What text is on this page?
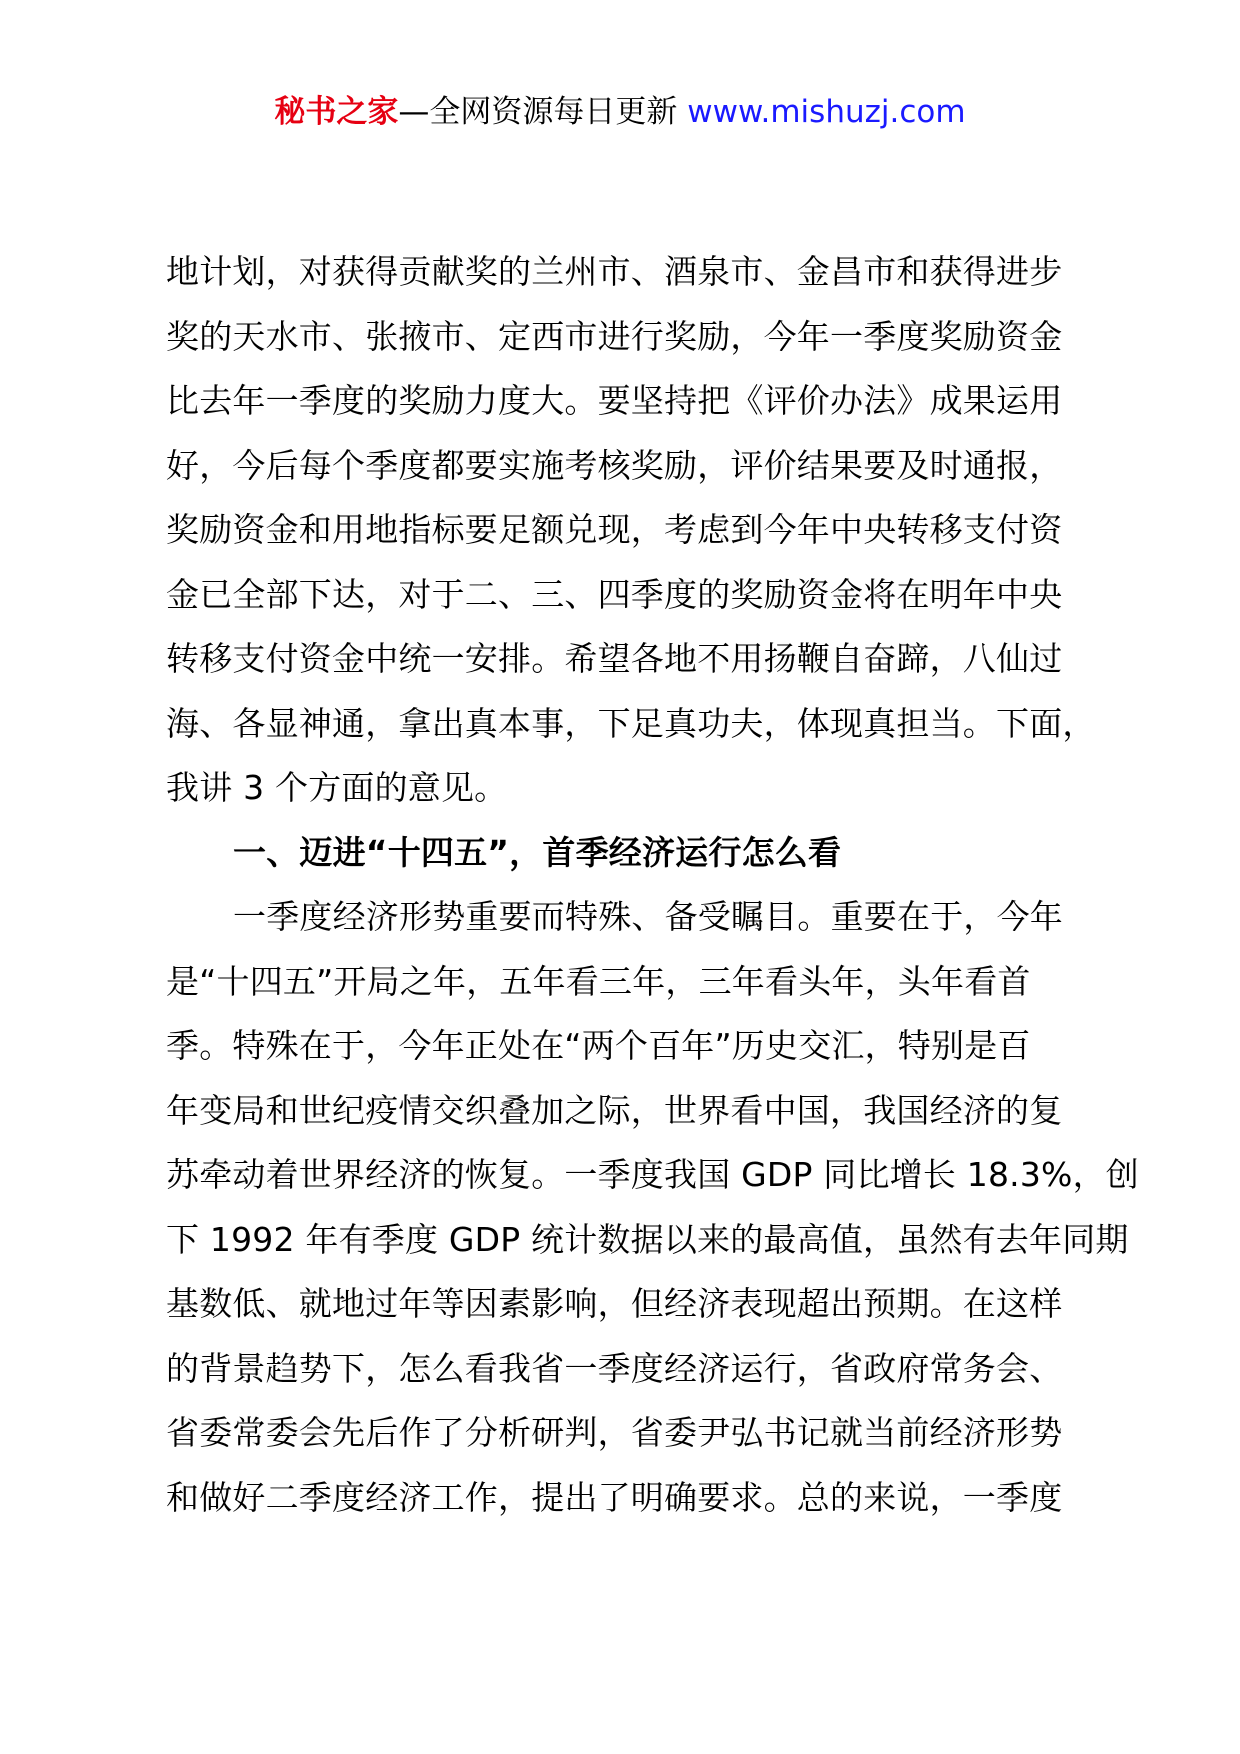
秘书之家—全网资源每日更新 www.mishuzj.com
地计划，对获得贡献奖的兰州市、酒泉市、金昌市和获得进步
奖的天水市、张掖市、定西市进行奖励，今年一季度奖励资金
比去年一季度的奖励力度大。要坚持把《评价办法》成果运用
好，今后每个季度都要实施考核奖励，评价结果要及时通报，
奖励资金和用地指标要足额兑现，考虑到今年中央转移支付资
金已全部下达，对于二、三、四季度的奖励资金将在明年中央
转移支付资金中统一安排。希望各地不用扬鞭自奋蹄，八仙过
海、各显神通，拿出真本事，下足真功夫，体现真担当。下面，
我讲 3 个方面的意见。
一、迈进“十四五”，首季经济运行怎么看
一季度经济形势重要而特殊、备受瞩目。重要在于，今年
是“十四五”开局之年，五年看三年，三年看头年，头年看首
季。特殊在于，今年正处在“两个百年”历史交汇，特别是百
年变局和世纪疫情交织叠加之际，世界看中国，我国经济的复
苏牵动着世界经济的恢复。一季度我国 GDP 同比增长 18.3%，创
下 1992 年有季度 GDP 统计数据以来的最高值，虽然有去年同期
基数低、就地过年等因素影响，但经济表现超出预期。在这样
的背景趋势下，怎么看我省一季度经济运行，省政府常务会、
省委常委会先后作了分析研判，省委尹弘书记就当前经济形势
和做好二季度经济工作，提出了明确要求。总的来说，一季度
